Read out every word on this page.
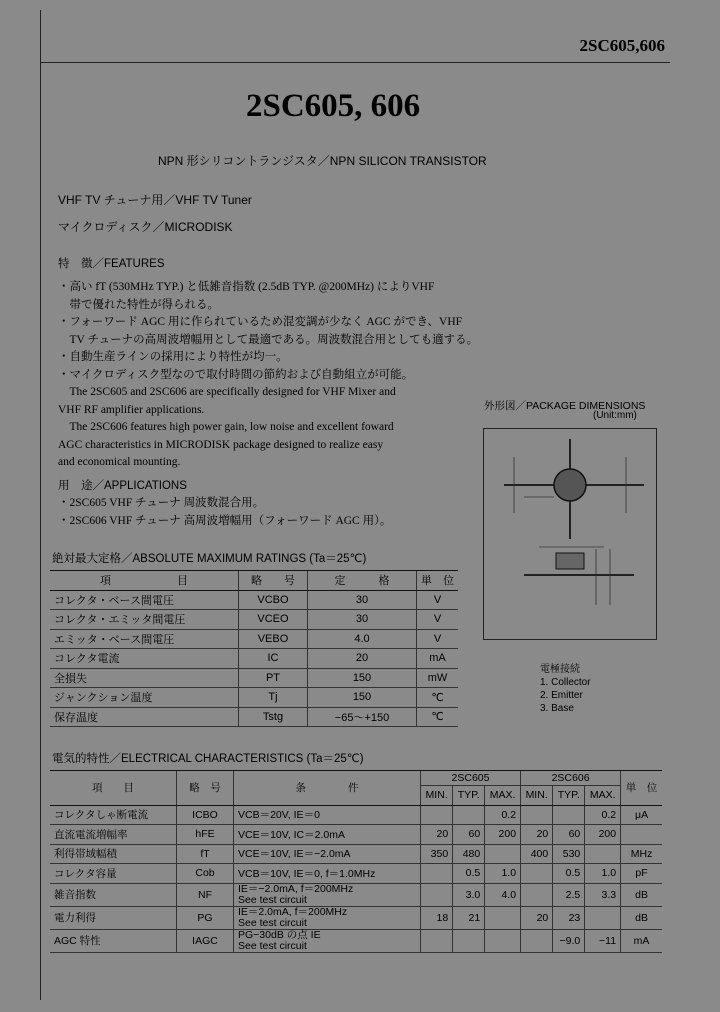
2SC605,606
2SC605, 606
NPN 形シリコントランジスタ／NPN SILICON TRANSISTOR
VHF TV チューナ用／VHF TV Tuner
マイクロディスク／MICRODISK
特　徴／FEATURES
・高い fT (530MHz TYP.) と低雑音指数 (2.5dB TYP. @200MHz) によりVHF
　帯で優れた特性が得られる。
・フォーワード AGC 用に作られているため混変調が少なく AGC ができ、VHF
　TV チューナの高周波増幅用として最適である。周波数混合用としても適する。
・自動生産ラインの採用により特性が均一。
・マイクロディスク型なので取付時間の節約および自動組立が可能。
　The 2SC605 and 2SC606 are specifically designed for VHF Mixer and
VHF RF amplifier applications.
　The 2SC606 features high power gain, low noise and excellent foward
AGC characteristics in MICRODISK package designed to realize easy
and economical mounting.
用　途／APPLICATIONS
・2SC605 VHF チューナ 周波数混合用。
・2SC606 VHF チューナ 高周波増幅用（フォーワード AGC 用）。
外形図／PACKAGE DIMENSIONS
(Unit:mm)
電極接続
1. Collector
2. Emitter
3. Base
絶対最大定格／ABSOLUTE MAXIMUM RATINGS (Ta＝25℃)
項　　　　　　目	略　　号	定　　　格	単　位
コレクタ・ベース間電圧	VCBO	30	V
コレクタ・エミッタ間電圧	VCEO	30	V
エミッタ・ベース間電圧	VEBO	4.0	V
コレクタ電流	IC	20	mA
全損失	PT	150	mW
ジャンクション温度	Tj	150	℃
保存温度	Tstg	−65〜+150	℃
電気的特性／ELECTRICAL CHARACTERISTICS (Ta＝25℃)
項　　目	略　号	条　　　　件	2SC605			2SC606			単　位
			MIN.	TYP.	MAX.	MIN.	TYP.	MAX.	
コレクタしゃ断電流	ICBO	VCB＝20V, IE＝0			0.2			0.2	μA
直流電流増幅率	hFE	VCE＝10V, IC＝2.0mA	20	60	200	20	60	200	
利得帯域幅積	fT	VCE＝10V, IE＝−2.0mA	350	480		400	530		MHz
コレクタ容量	Cob	VCB＝10V, IE＝0, f＝1.0MHz		0.5	1.0		0.5	1.0	pF
雑音指数	NF	IE＝−2.0mA, f＝200MHz
See test circuit		3.0	4.0		2.5	3.3	dB
電力利得	PG	IE＝2.0mA, f＝200MHz
See test circuit	18	21		20	23		dB
AGC 特性	IAGC	PG−30dB の点 IE
See test circuit					−9.0	−11	mA
